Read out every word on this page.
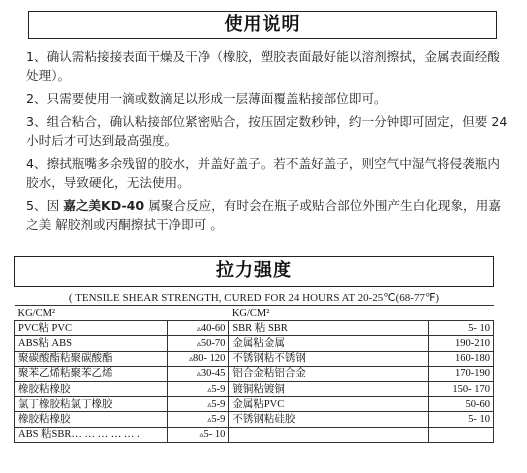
使用说明

1、确认需粘接接表面干燥及干净（橡胶，塑胶表面最好能以溶剂擦拭，金属表面经酸处理）。

2、只需要使用一滴或数滴足以形成一层薄面覆盖粘接部位即可。

3、组合粘合，确认粘接部位紧密贴合，按压固定数秒钟，约一分钟即可固定，但要 24小时后才可达到最高强度。

4、擦拭瓶嘴多余残留的胶水，并盖好盖子。若不盖好盖子，则空气中湿气将侵袭瓶内胶水，导致硬化，无法使用。

5、因 嘉之美KD-40 属聚合反应，有时会在瓶子或贴合部位外围产生白化现象，用嘉之美 解胶剂或丙酮擦拭干净即可 。

拉力强度
( TENSILE SHEAR STRENGTH, CURED FOR 24 HOURS AT 20-25℃(68-77℉)
KG/CM²		KG/CM²	
PVC粘 PVC	▵40-60	SBR 粘 SBR	5- 10
ABS粘 ABS	▵50-70	金属粘金属	190-210
聚碳酸酯粘聚碳酸酯	▵80- 120	不锈钢粘不锈钢	160-180
聚苯乙烯粘聚苯乙烯	▵30-45	铝合金粘铝合金	170-190
橡胶粘橡胶	▵5-9	镀铜粘镀铜	150- 170
氯丁橡胶粘氯丁橡胶	▵5-9	金属粘PVC	50-60
橡胶粘橡胶	▵5-9	不锈钢粘硅胶	5- 10
ABS 粘SBR… … … … … .	▵5- 10		
